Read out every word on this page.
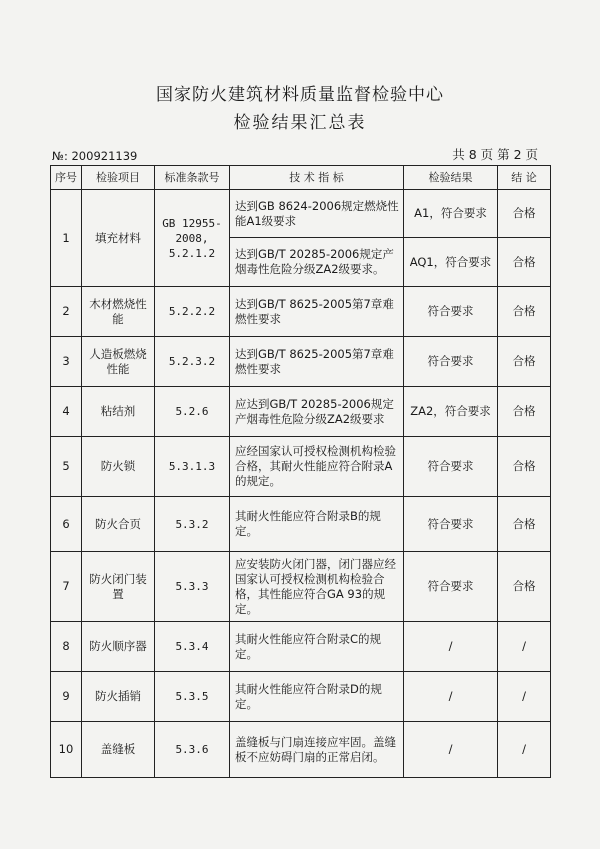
国家防火建筑材料质量监督检验中心
检验结果汇总表
№: 200921139	共 8 页 第 2 页
序号	检验项目	标准条款号	技 术 指 标	检验结果	结 论
1	填充材料	GB 12955-2008, 5.2.1.2	达到GB 8624-2006规定燃烧性能A1级要求	A1，符合要求	合格
			达到GB/T 20285-2006规定产烟毒性危险分级ZA2级要求。	AQ1，符合要求	合格
2	木材燃烧性能	5.2.2.2	达到GB/T 8625-2005第7章难燃性要求	符合要求	合格
3	人造板燃烧性能	5.2.3.2	达到GB/T 8625-2005第7章难燃性要求	符合要求	合格
4	粘结剂	5.2.6	应达到GB/T 20285-2006规定产烟毒性危险分级ZA2级要求	ZA2，符合要求	合格
5	防火锁	5.3.1.3	应经国家认可授权检测机构检验合格，其耐火性能应符合附录A的规定。	符合要求	合格
6	防火合页	5.3.2	其耐火性能应符合附录B的规定。	符合要求	合格
7	防火闭门装置	5.3.3	应安装防火闭门器，闭门器应经国家认可授权检测机构检验合格，其性能应符合GA 93的规定。	符合要求	合格
8	防火顺序器	5.3.4	其耐火性能应符合附录C的规定。	/	/
9	防火插销	5.3.5	其耐火性能应符合附录D的规定。	/	/
10	盖缝板	5.3.6	盖缝板与门扇连接应牢固。盖缝板不应妨碍门扇的正常启闭。	/	/
